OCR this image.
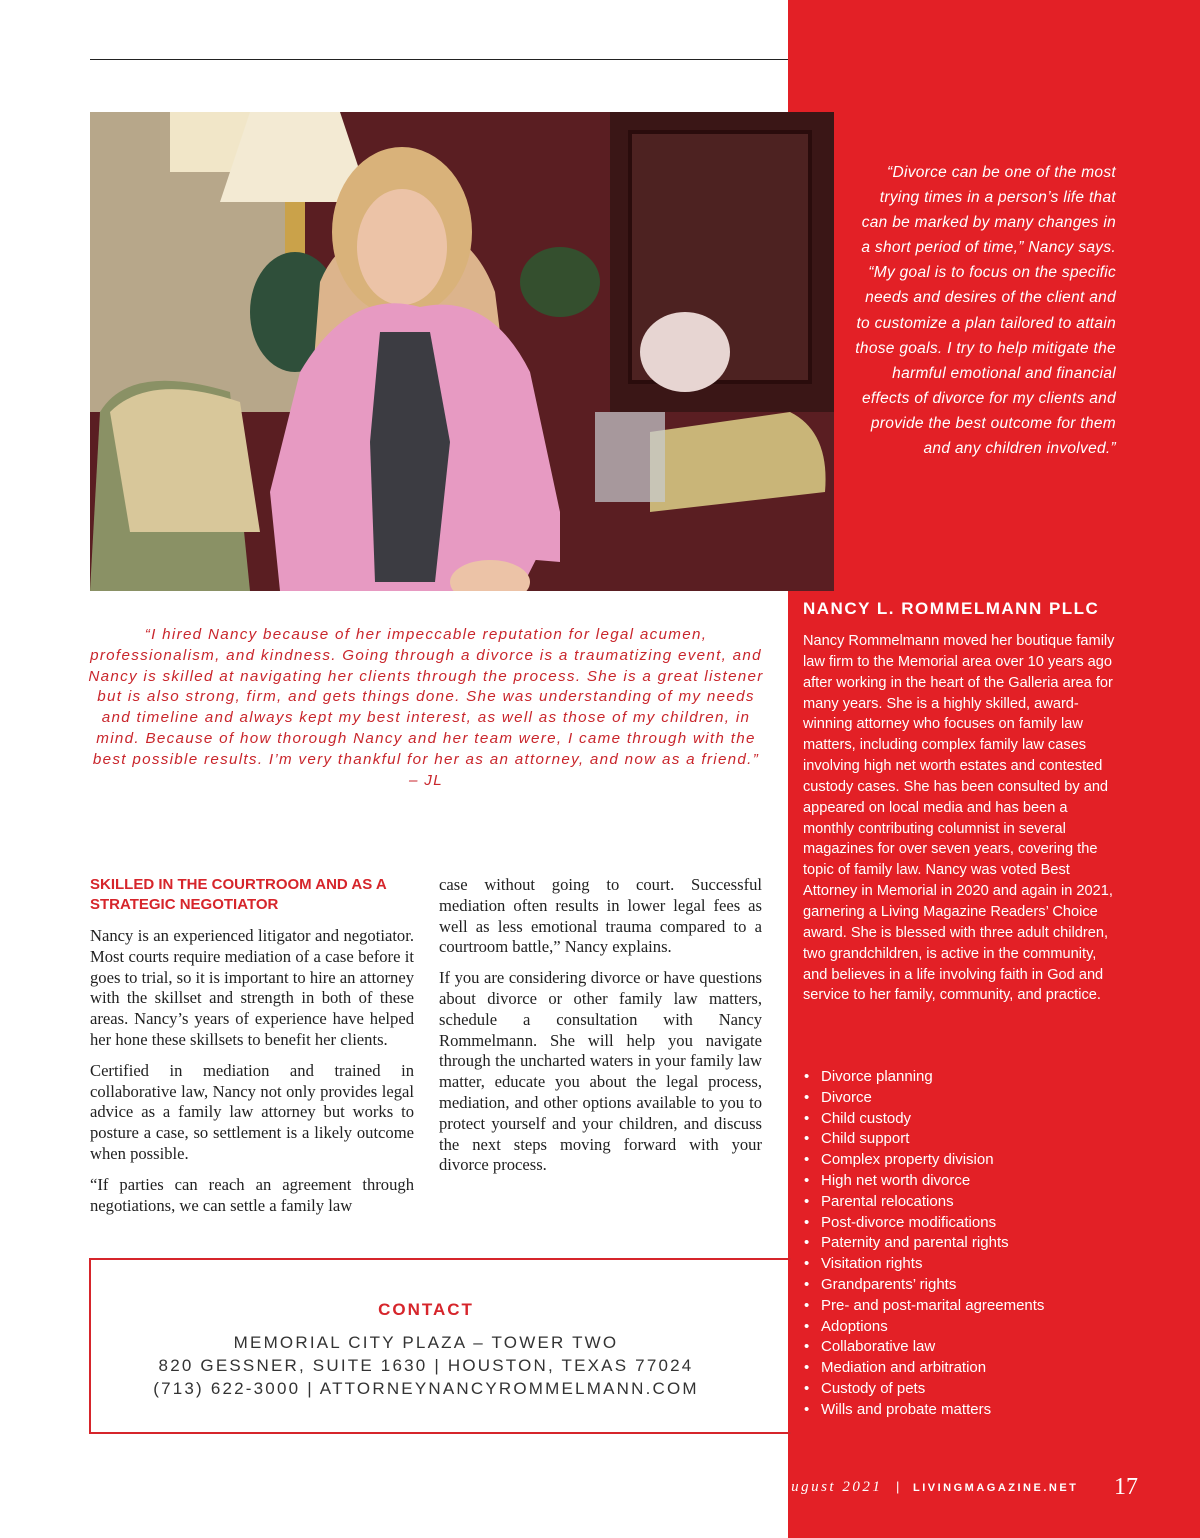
“Divorce can be one of the most trying times in a person’s life that can be marked by many changes in a short period of time,” Nancy says. “My goal is to focus on the specific needs and desires of the client and to customize a plan tailored to attain those goals. I try to help mitigate the harmful emotional and financial effects of divorce for my clients and provide the best outcome for them and any children involved.”

NANCY L. ROMMELMANN PLLC

Nancy Rommelmann moved her boutique family law firm to the Memorial area over 10 years ago after working in the heart of the Galleria area for many years. She is a highly skilled, award-winning attorney who focuses on family law matters, including complex family law cases involving high net worth estates and contested custody cases. She has been consulted by and appeared on local media and has been a monthly contributing columnist in several magazines for over seven years, covering the topic of family law. Nancy was voted Best Attorney in Memorial in 2020 and again in 2021, garnering a Living Magazine Readers’ Choice award. She is blessed with three adult children, two grandchildren, is active in the community, and believes in a life involving faith in God and service to her family, community, and practice.

• Divorce planning
• Divorce
• Child custody
• Child support
• Complex property division
• High net worth divorce
• Parental relocations
• Post-divorce modifications
• Paternity and parental rights
• Visitation rights
• Grandparents’ rights
• Pre- and post-marital agreements
• Adoptions
• Collaborative law
• Mediation and arbitration
• Custody of pets
• Wills and probate matters

“I hired Nancy because of her impeccable reputation for legal acumen, professionalism, and kindness. Going through a divorce is a traumatizing event, and Nancy is skilled at navigating her clients through the process. She is a great listener but is also strong, firm, and gets things done. She was understanding of my needs and timeline and always kept my best interest, as well as those of my children, in mind. Because of how thorough Nancy and her team were, I came through with the best possible results. I’m very thankful for her as an attorney, and now as a friend.” – JL

SKILLED IN THE COURTROOM AND AS A STRATEGIC NEGOTIATOR

Nancy is an experienced litigator and negotiator. Most courts require mediation of a case before it goes to trial, so it is important to hire an attorney with the skillset and strength in both of these areas. Nancy’s years of experience have helped her hone these skillsets to benefit her clients.

Certified in mediation and trained in collaborative law, Nancy not only provides legal advice as a family law attorney but works to posture a case, so settlement is a likely outcome when possible.

“If parties can reach an agreement through negotiations, we can settle a family law

case without going to court. Successful mediation often results in lower legal fees as well as less emotional trauma compared to a courtroom battle,” Nancy explains.

If you are considering divorce or have questions about divorce or other family law matters, schedule a consultation with Nancy Rommelmann. She will help you navigate through the uncharted waters in your family law matter, educate you about the legal process, mediation, and other options available to you to protect yourself and your children, and discuss the next steps moving forward with your divorce process.

CONTACT

MEMORIAL CITY PLAZA – TOWER TWO

820 GESSNER, SUITE 1630 | HOUSTON, TEXAS 77024

(713) 622-3000 | ATTORNEYNANCYROMMELMANN.COM

august 2021 | LIVINGMAGAZINE.NET 17
